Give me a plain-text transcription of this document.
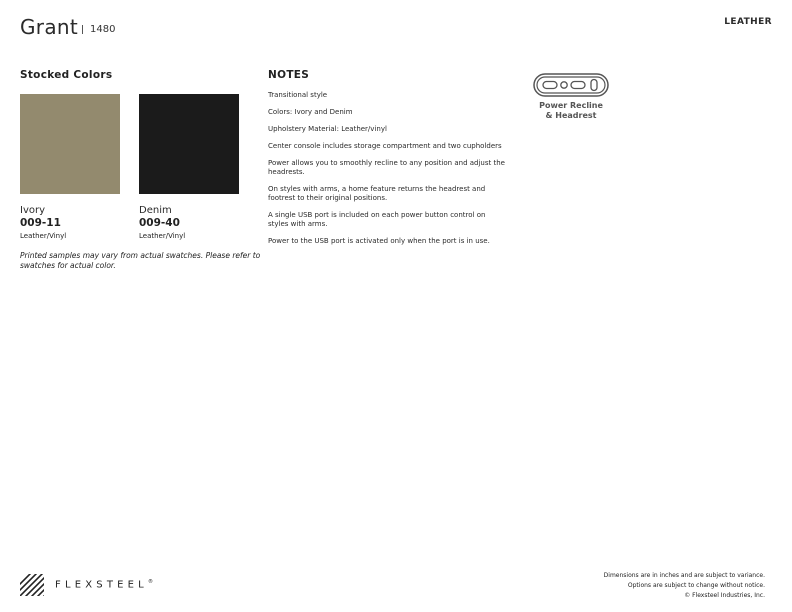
Grant 1480
LEATHER
Stocked Colors
Ivory
009-11
Leather/Vinyl
Denim
009-40
Leather/Vinyl
Printed samples may vary from actual swatches. Please refer to swatches for actual color.
NOTES
Transitional style
Colors: Ivory and Denim
Upholstery Material: Leather/vinyl
Center console includes storage compartment and two cupholders
Power allows you to smoothly recline to any position and adjust the headrests.
On styles with arms, a home feature returns the headrest and footrest to their original positions.
A single USB port is included on each power button control on styles with arms.
Power to the USB port is activated only when the port is in use.
Power Recline
& Headrest
FLEXSTEEL®
Dimensions are in inches and are subject to variance.
Options are subject to change without notice.
© Flexsteel Industries, Inc.
